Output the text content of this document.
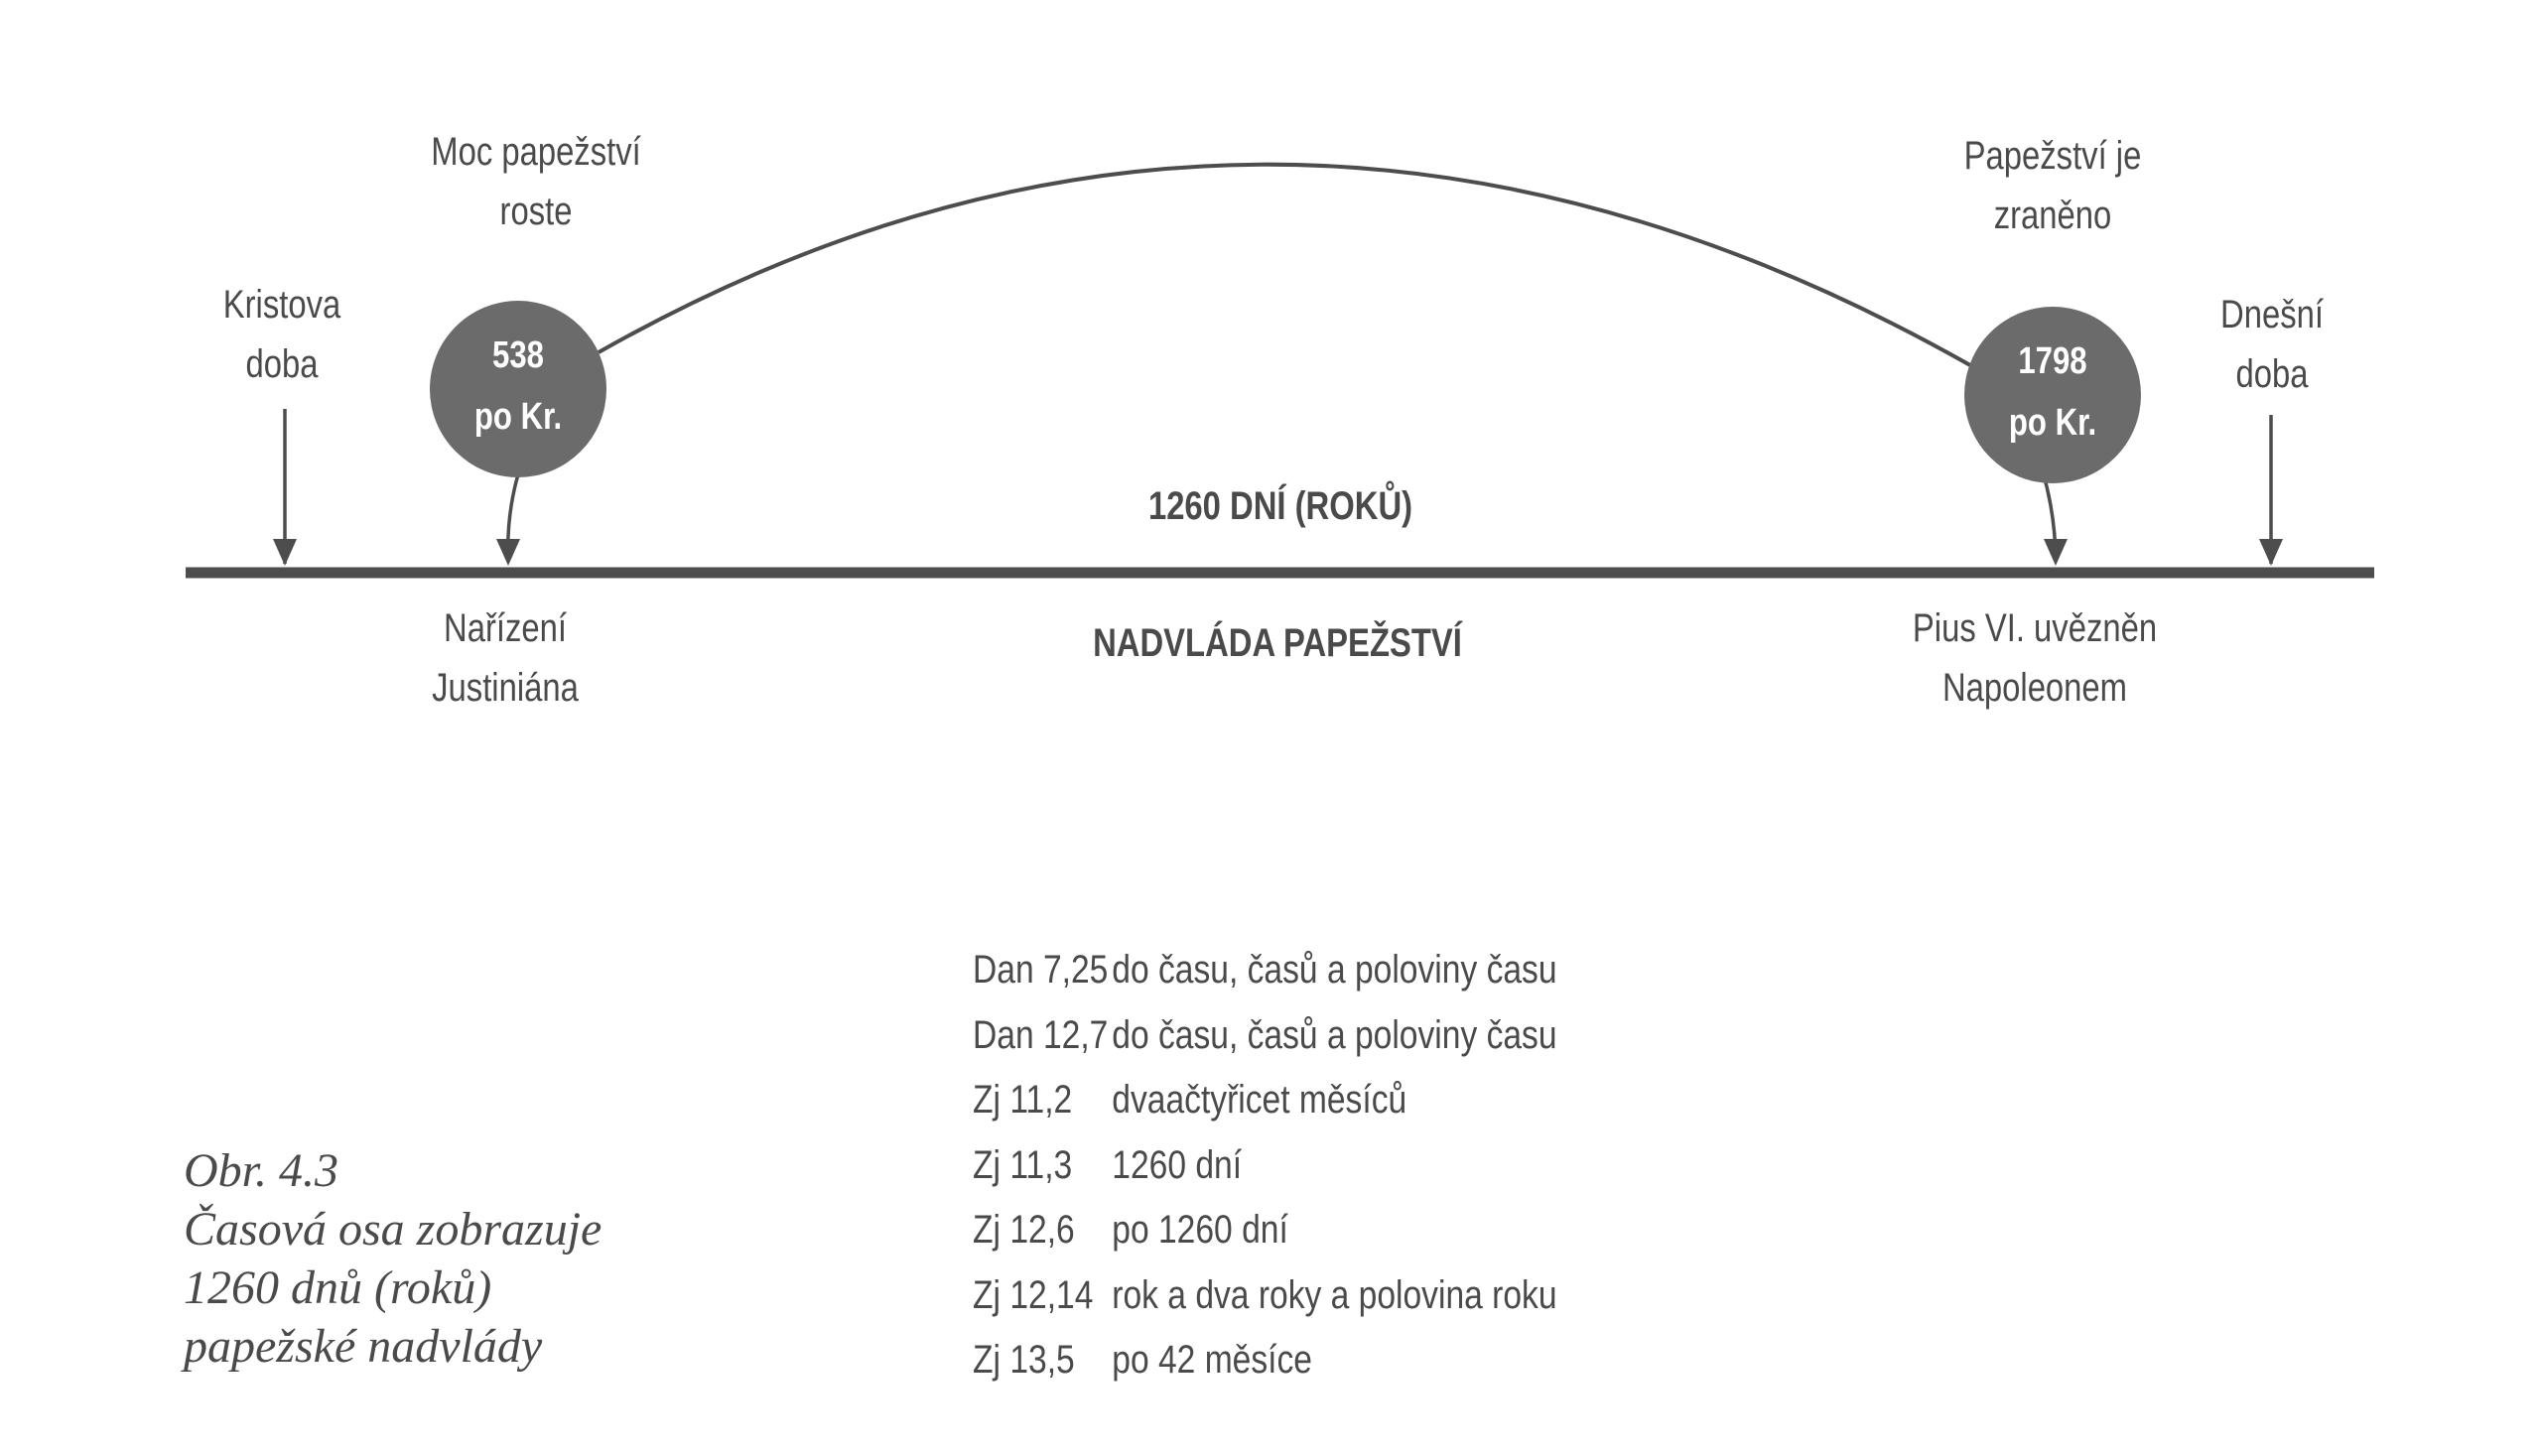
538
po Kr.
1798
po Kr.
Kristova
doba
Moc papežství
roste
Papežství je
zraněno
Dnešní
doba
1260 DNÍ (ROKŮ)
Nařízení
Justiniána
NADVLÁDA PAPEŽSTVÍ	Pius VI. uvězněn
Napoleonem
Dan 7,25 do času, časů a poloviny času
Dan 12,7 do času, časů a poloviny času
Zj 11,2	dvaačtyřicet měsíců
Zj 11,3	1260 dní
Zj 12,6 po 1260 dní
Zj 12,14 rok a dva roky a polovina roku
Zj 13,5 po 42 měsíce
Obr. 4.3
Časová osa zobrazuje
1260 dnů (roků)
papežské nadvlády
